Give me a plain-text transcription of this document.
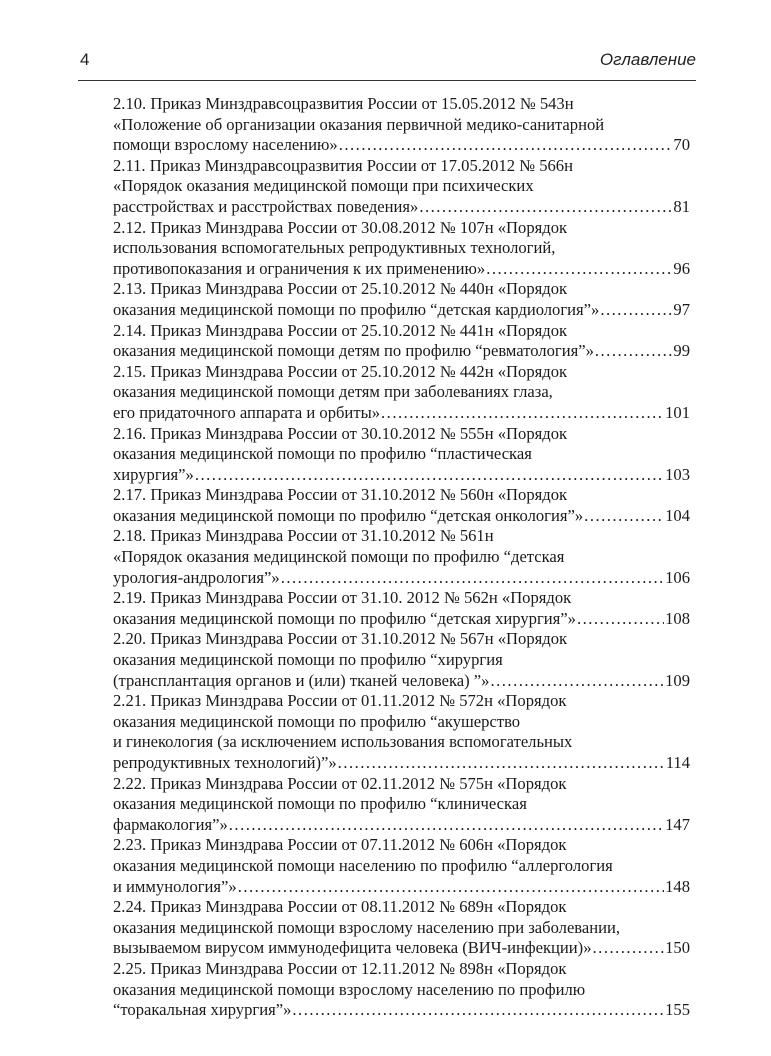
4	Оглавление
2.10. Приказ Минздравсоцразвития России от 15.05.2012 № 543н
«Положение об организации оказания первичной медико-санитарной
помощи взрослому населению» .....	70
2.11. Приказ Минздравсоцразвития России от 17.05.2012 № 566н
«Порядок оказания медицинской помощи при психических
расстройствах и расстройствах поведения» .....	81
2.12. Приказ Минздрава России от 30.08.2012 № 107н «Порядок
использования вспомогательных репродуктивных технологий,
противопоказания и ограничения к их применению» .....	96
2.13. Приказ Минздрава России от 25.10.2012 № 440н «Порядок
оказания медицинской помощи по профилю “детская кардиология”» .....	97
2.14. Приказ Минздрава России от 25.10.2012 № 441н «Порядок
оказания медицинской помощи детям по профилю “ревматология”» .....	99
2.15. Приказ Минздрава России от 25.10.2012 № 442н «Порядок
оказания медицинской помощи детям при заболеваниях глаза,
его придаточного аппарата и орбиты» .....	101
2.16. Приказ Минздрава России от 30.10.2012 № 555н «Порядок
оказания медицинской помощи по профилю “пластическая
хирургия”» .....	103
2.17. Приказ Минздрава России от 31.10.2012 № 560н «Порядок
оказания медицинской помощи по профилю “детская онкология”» .....	104
2.18. Приказ Минздрава России от 31.10.2012 № 561н
«Порядок оказания медицинской помощи по профилю “детская
урология-андрология”» .....	106
2.19. Приказ Минздрава России от 31.10. 2012 № 562н «Порядок
оказания медицинской помощи по профилю “детская хирургия”» .....	108
2.20. Приказ Минздрава России от 31.10.2012 № 567н «Порядок
оказания медицинской помощи по профилю “хирургия
(трансплантация органов и (или) тканей человека) ”» .....	109
2.21. Приказ Минздрава России от 01.11.2012 № 572н «Порядок
оказания медицинской помощи по профилю “акушерство
и гинекология (за исключением использования вспомогательных
репродуктивных технологий)”» .....	114
2.22. Приказ Минздрава России от 02.11.2012 № 575н «Порядок
оказания медицинской помощи по профилю “клиническая
фармакология”» .....	147
2.23. Приказ Минздрава России от 07.11.2012 № 606н «Порядок
оказания медицинской помощи населению по профилю “аллергология
и иммунология”» .....	148
2.24. Приказ Минздрава России от 08.11.2012 № 689н «Порядок
оказания медицинской помощи взрослому населению при заболевании,
вызываемом вирусом иммунодефицита человека (ВИЧ-инфекции)» .....	150
2.25. Приказ Минздрава России от 12.11.2012 № 898н «Порядок
оказания медицинской помощи взрослому населению по профилю
“торакальная хирургия”» .....	155
